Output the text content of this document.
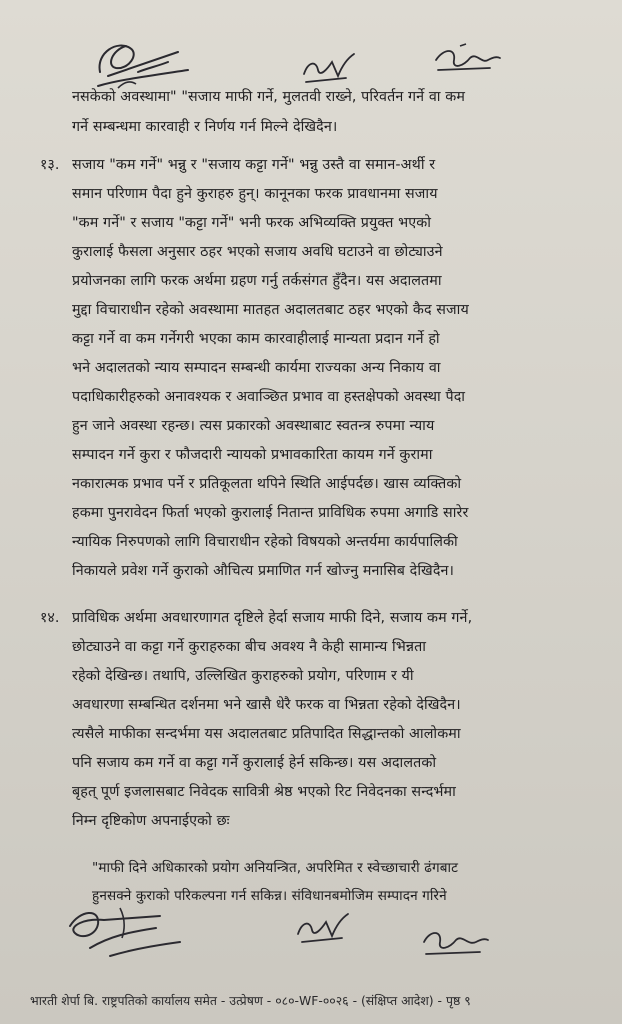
नसकेको अवस्थामा" "सजाय माफी गर्ने, मुलतवी राख्ने, परिवर्तन गर्ने वा कम
गर्ने सम्बन्धमा कारवाही र निर्णय गर्न मिल्ने देखिदैन।
१३. सजाय "कम गर्ने" भन्नु र "सजाय कट्टा गर्ने" भन्नु उस्तै वा समान-अर्थी र
समान परिणाम पैदा हुने कुराहरु हुन्। कानूनका फरक प्रावधानमा सजाय
"कम गर्ने" र सजाय "कट्टा गर्ने" भनी फरक अभिव्यक्ति प्रयुक्त भएको
कुरालाई फैसला अनुसार ठहर भएको सजाय अवधि घटाउने वा छोट्याउने
प्रयोजनका लागि फरक अर्थमा ग्रहण गर्नु तर्कसंगत हुँदैन। यस अदालतमा
मुद्दा विचाराधीन रहेको अवस्थामा मातहत अदालतबाट ठहर भएको कैद सजाय
कट्टा गर्ने वा कम गर्नेगरी भएका काम कारवाहीलाई मान्यता प्रदान गर्ने हो
भने अदालतको न्याय सम्पादन सम्बन्धी कार्यमा राज्यका अन्य निकाय वा
पदाधिकारीहरुको अनावश्यक र अवाञ्छित प्रभाव वा हस्तक्षेपको अवस्था पैदा
हुन जाने अवस्था रहन्छ। त्यस प्रकारको अवस्थाबाट स्वतन्त्र रुपमा न्याय
सम्पादन गर्ने कुरा र फौजदारी न्यायको प्रभावकारिता कायम गर्ने कुरामा
नकारात्मक प्रभाव पर्ने र प्रतिकूलता थपिने स्थिति आईपर्दछ। खास व्यक्तिको
हकमा पुनरावेदन फिर्ता भएको कुरालाई नितान्त प्राविधिक रुपमा अगाडि सारेर
न्यायिक निरुपणको लागि विचाराधीन रहेको विषयको अन्तर्यमा कार्यपालिकी
निकायले प्रवेश गर्ने कुराको औचित्य प्रमाणित गर्न खोज्नु मनासिब देखिदैन।
१४. प्राविधिक अर्थमा अवधारणागत दृष्टिले हेर्दा सजाय माफी दिने, सजाय कम गर्ने,
छोट्याउने वा कट्टा गर्ने कुराहरुका बीच अवश्य नै केही सामान्य भिन्नता
रहेको देखिन्छ। तथापि, उल्लिखित कुराहरुको प्रयोग, परिणाम र यी
अवधारणा सम्बन्धित दर्शनमा भने खासै धेरै फरक वा भिन्नता रहेको देखिदैन।
त्यसैले माफीका सन्दर्भमा यस अदालतबाट प्रतिपादित सिद्धान्तको आलोकमा
पनि सजाय कम गर्ने वा कट्टा गर्ने कुरालाई हेर्न सकिन्छ। यस अदालतको
बृहत् पूर्ण इजलासबाट निवेदक सावित्री श्रेष्ठ भएको रिट निवेदनका सन्दर्भमा
निम्न दृष्टिकोण अपनाईएको छः
"माफी दिने अधिकारको प्रयोग अनियन्त्रित, अपरिमित र स्वेच्छाचारी ढंगबाट
हुनसक्ने कुराको परिकल्पना गर्न सकिन्न। संविधानबमोजिम सम्पादन गरिने
भारती शेर्पा बि. राष्ट्रपतिको कार्यालय समेत - उत्प्रेषण - ०८०-WF-००२६ - (संक्षिप्त आदेश) - पृष्ठ ९
